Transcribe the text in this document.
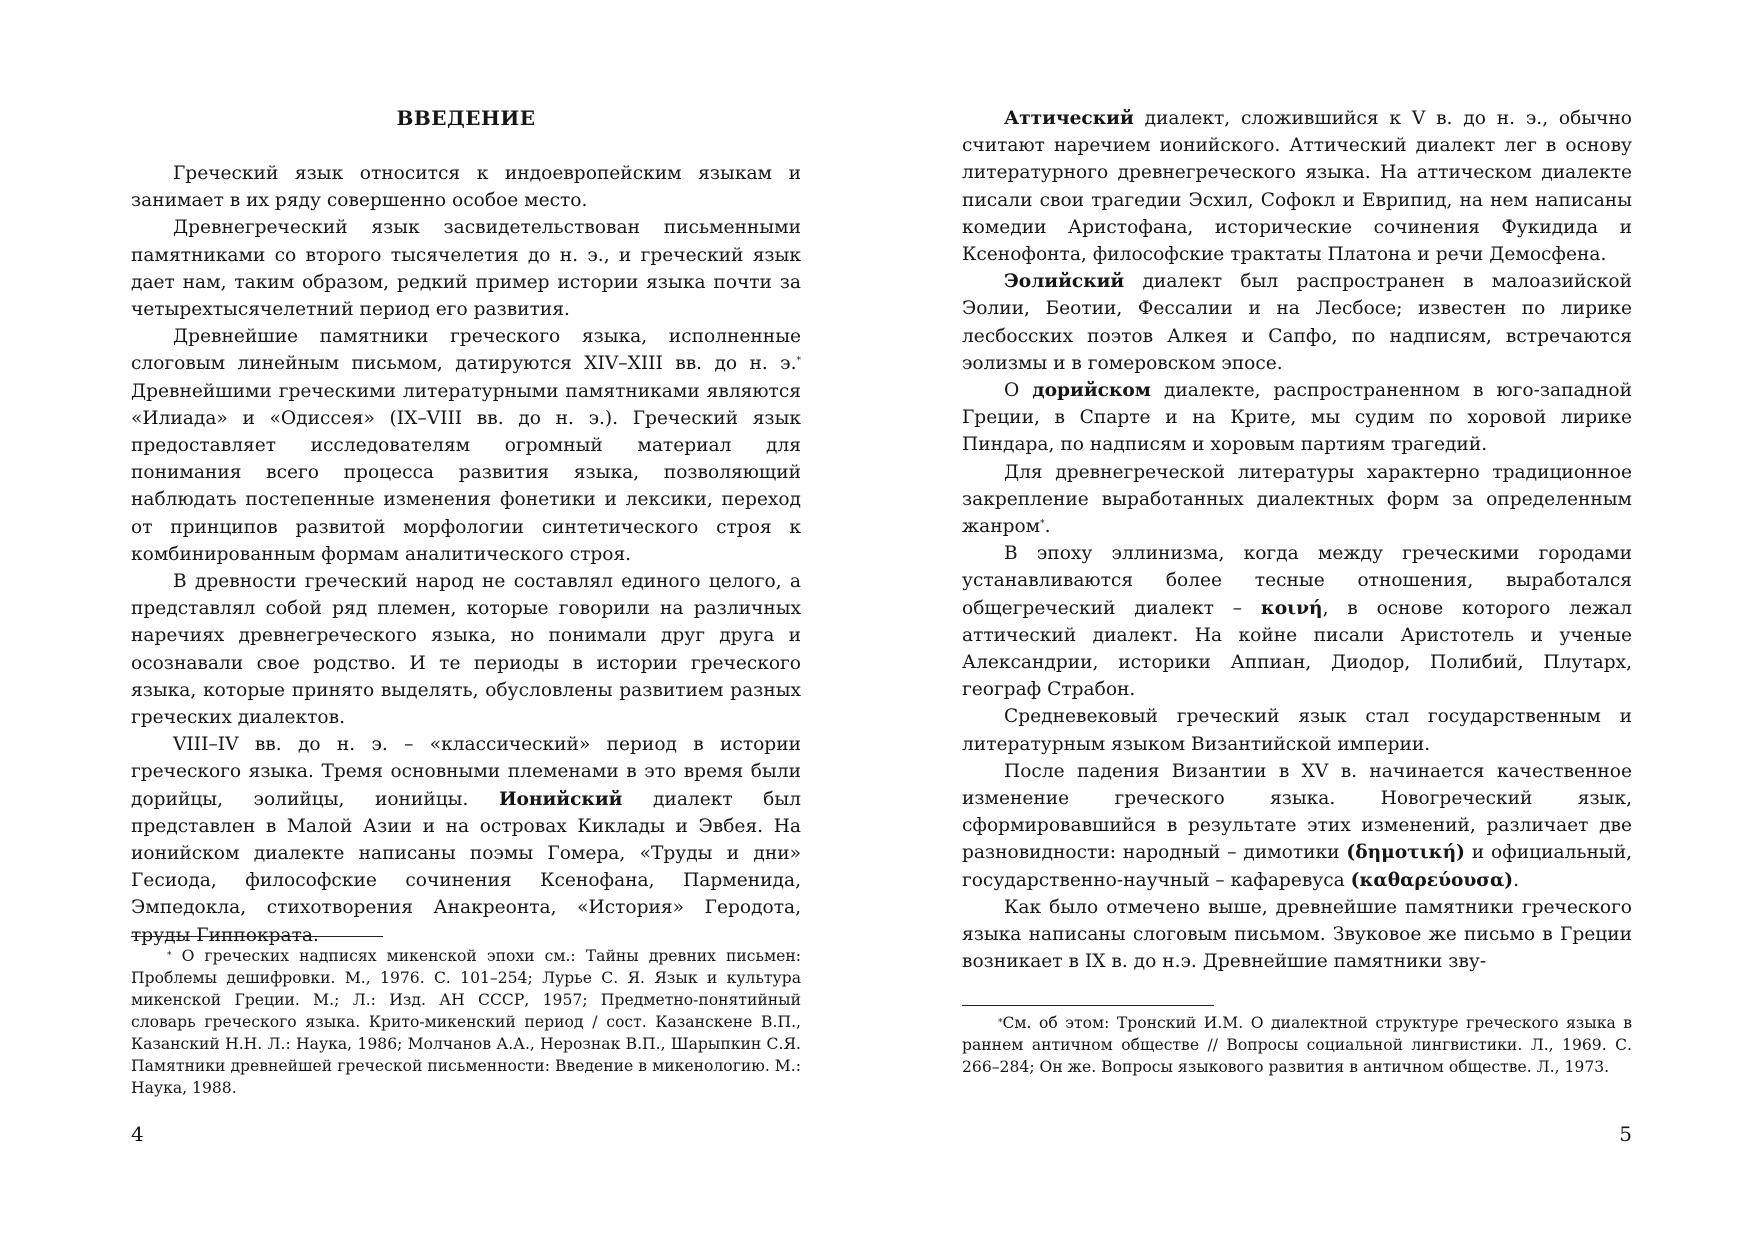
ВВЕДЕНИЕ

Греческий язык относится к индоевропейским языкам и занимает в их ряду совершенно особое место.

Древнегреческий язык засвидетельствован письменными памятниками со второго тысячелетия до н. э., и греческий язык дает нам, таким образом, редкий пример истории языка почти за четырехтысячелетний период его развития.

Древнейшие памятники греческого языка, исполненные слоговым линейным письмом, датируются XIV–XIII вв. до н. э.* Древнейшими греческими литературными памятниками являются «Илиада» и «Одиссея» (IX–VIII вв. до н. э.). Греческий язык предоставляет исследователям огромный материал для понимания всего процесса развития языка, позволяющий наблюдать постепенные изменения фонетики и лексики, переход от принципов развитой морфологии синтетического строя к комбинированным формам аналитического строя.

В древности греческий народ не составлял единого целого, а представлял собой ряд племен, которые говорили на различных наречиях древнегреческого языка, но понимали друг друга и осознавали свое родство. И те периоды в истории греческого языка, которые принято выделять, обусловлены развитием разных греческих диалектов.

VIII–IV вв. до н. э. – «классический» период в истории греческого языка. Тремя основными племенами в это время были дорийцы, эолийцы, ионийцы. Ионийский диалект был представлен в Малой Азии и на островах Киклады и Эвбея. На ионийском диалекте написаны поэмы Гомера, «Труды и дни» Гесиода, философские сочинения Ксенофана, Парменида, Эмпедокла, стихотворения Анакреонта, «История» Геродота, труды Гиппократа.

* О греческих надписях микенской эпохи см.: Тайны древних письмен: Проблемы дешифровки. М., 1976. С. 101–254; Лурье С. Я. Язык и культура микенской Греции. М.; Л.: Изд. АН СССР, 1957; Предметно-понятийный словарь греческого языка. Крито-микенский период / сост. Казанскене В.П., Казанский Н.Н. Л.: Наука, 1986; Молчанов А.А., Нерознак В.П., Шарыпкин С.Я. Памятники древнейшей греческой письменности: Введение в микенологию. М.: Наука, 1988.

4

Аттический диалект, сложившийся к V в. до н. э., обычно считают наречием ионийского. Аттический диалект лег в основу литературного древнегреческого языка. На аттическом диалекте писали свои трагедии Эсхил, Софокл и Еврипид, на нем написаны комедии Аристофана, исторические сочинения Фукидида и Ксенофонта, философские трактаты Платона и речи Демосфена.

Эолийский диалект был распространен в малоазийской Эолии, Беотии, Фессалии и на Лесбосе; известен по лирике лесбосских поэтов Алкея и Сапфо, по надписям, встречаются эолизмы и в гомеровском эпосе.

О дорийском диалекте, распространенном в юго-западной Греции, в Спарте и на Крите, мы судим по хоровой лирике Пиндара, по надписям и хоровым партиям трагедий.

Для древнегреческой литературы характерно традиционное закрепление выработанных диалектных форм за определенным жанром*.

В эпоху эллинизма, когда между греческими городами устанавливаются более тесные отношения, выработался общегреческий диалект – κοινή, в основе которого лежал аттический диалект. На койне писали Аристотель и ученые Александрии, историки Аппиан, Диодор, Полибий, Плутарх, географ Страбон.

Средневековый греческий язык стал государственным и литературным языком Византийской империи.

После падения Византии в XV в. начинается качественное изменение греческого языка. Новогреческий язык, сформировавшийся в результате этих изменений, различает две разновидности: народный – димотики (δημοτική) и официальный, государственно-научный – кафаревуса (καθαρεύουσα).

Как было отмечено выше, древнейшие памятники греческого языка написаны слоговым письмом. Звуковое же письмо в Греции возникает в IX в. до н.э. Древнейшие памятники зву-

*См. об этом: Тронский И.М. О диалектной структуре греческого языка в раннем античном обществе // Вопросы социальной лингвистики. Л., 1969. С. 266–284; Он же. Вопросы языкового развития в античном обществе. Л., 1973.

5
